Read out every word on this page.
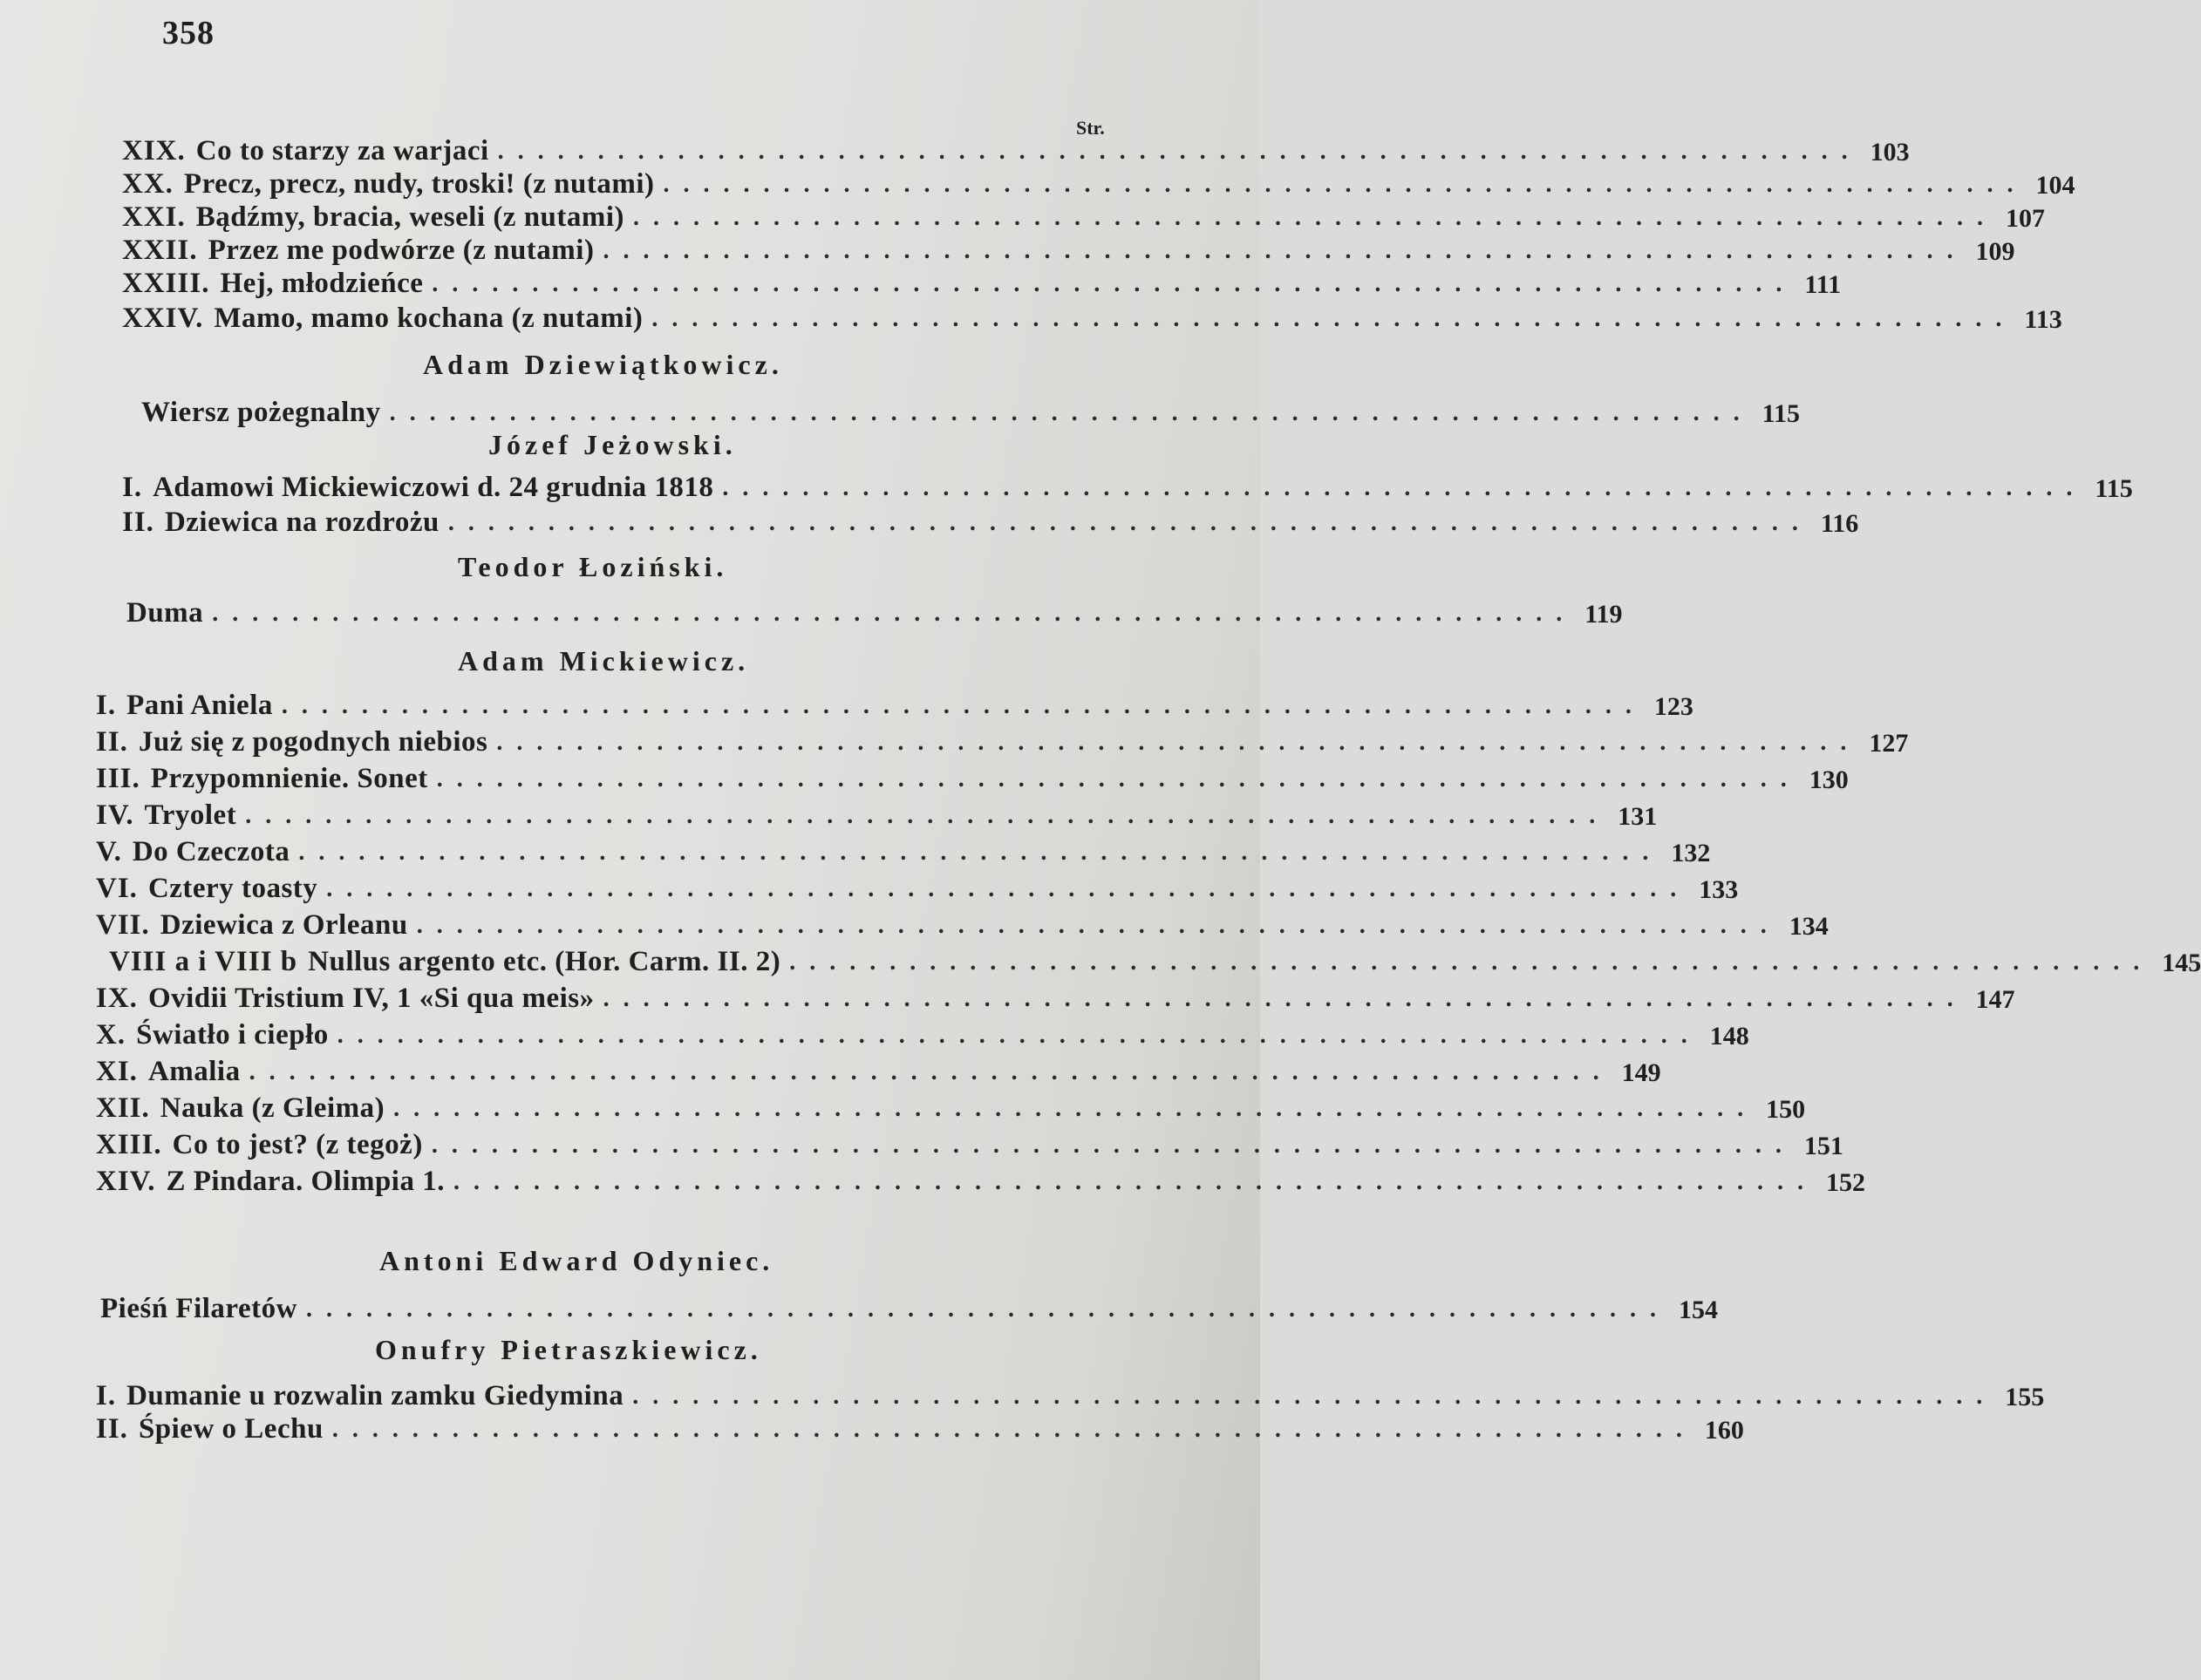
358
Str.
XIX. Co to starzy za warjaci .................................................................... 103
XX. Precz, precz, nudy, troski! (z nutami) .................................................................... 104
XXI. Bądźmy, bracia, weseli (z nutami) .................................................................... 107
XXII. Przez me podwórze (z nutami) .................................................................... 109
XXIII. Hej, młodzieńce .................................................................... 111
XXIV. Mamo, mamo kochana (z nutami) .................................................................... 113
Adam Dziewiątkowicz.
Wiersz pożegnalny .................................................................... 115
Józef Jeżowski.
I. Adamowi Mickiewiczowi d. 24 grudnia 1818 .................................................................... 115
II. Dziewica na rozdrożu .................................................................... 116
Teodor Łoziński.
Duma .................................................................... 119
Adam Mickiewicz.
I. Pani Aniela .................................................................... 123
II. Już się z pogodnych niebios .................................................................... 127
III. Przypomnienie. Sonet .................................................................... 130
IV. Tryolet .................................................................... 131
V. Do Czeczota .................................................................... 132
VI. Cztery toasty .................................................................... 133
VII. Dziewica z Orleanu .................................................................... 134
VIII a i VIII b Nullus argento etc. (Hor. Carm. II. 2) .................................................................... 145
IX. Ovidii Tristium IV, 1 «Si qua meis» .................................................................... 147
X. Światło i ciepło .................................................................... 148
XI. Amalia .................................................................... 149
XII. Nauka (z Gleima) .................................................................... 150
XIII. Co to jest? (z tegoż) .................................................................... 151
XIV. Z Pindara. Olimpia 1. .................................................................... 152
Antoni Edward Odyniec.
Pieśń Filaretów .................................................................... 154
Onufry Pietraszkiewicz.
I. Dumanie u rozwalin zamku Giedymina .................................................................... 155
II. Śpiew o Lechu .................................................................... 160
